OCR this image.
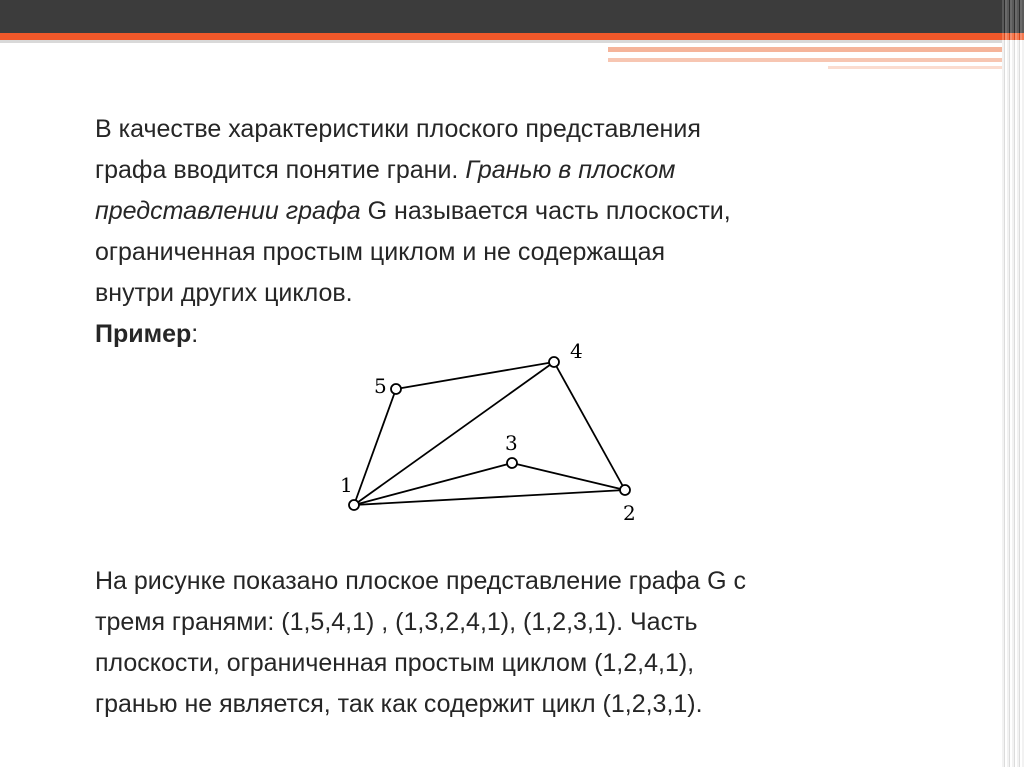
В качестве характеристики плоского представления
графа вводится понятие грани. Гранью в плоском
представлении графа G называется часть плоскости,
ограниченная простым циклом и не содержащая
внутри других циклов.

Пример:

1
2
3
4
5

На рисунке показано плоское представление графа G с
тремя гранями: (1,5,4,1) , (1,3,2,4,1), (1,2,3,1). Часть
плоскости, ограниченная простым циклом (1,2,4,1),
гранью не является, так как содержит цикл (1,2,3,1).
